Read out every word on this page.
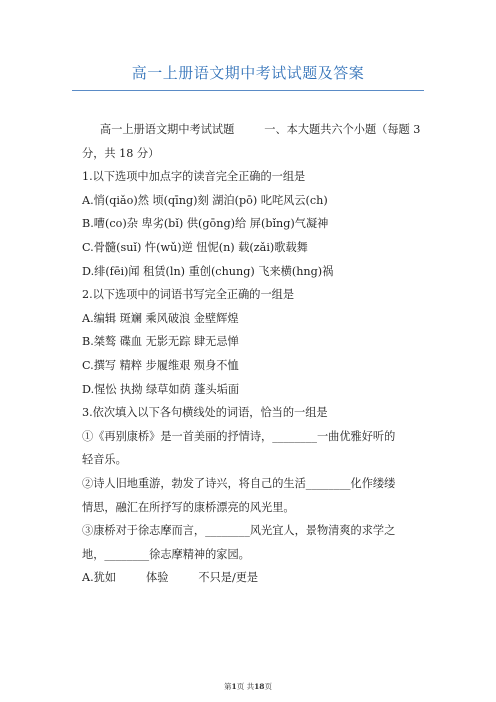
高一上册语文期中考试试题及答案

高一上册语文期中考试试题	一、本大题共六个小题（每题 3

分，共 18 分）

1.以下选项中加点字的读音完全正确的一组是

A.悄(qiǎo)然 顷(qīng)刻 湖泊(pō) 叱咤风云(ch)

B.嘈(co)杂 卑劣(bǐ) 供(gōng)给 屏(bǐng)气凝神

C.骨髓(suǐ) 忤(wǔ)逆 忸怩(n) 载(zǎi)歌载舞

D.绯(fēi)闻 租赁(ln) 重创(chung) 飞来横(hng)祸

2.以下选项中的词语书写完全正确的一组是

A.编辑 斑斓 乘风破浪 金壁辉煌

B.桀骜 碟血 无影无踪 肆无忌惮

C.撰写 精粹 步履维艰 殒身不恤

D.惺忪 执拗 绿草如荫 蓬头垢面

3.依次填入以下各句横线处的词语，恰当的一组是

①《再别康桥》是一首美丽的抒情诗，________一曲优雅好听的

轻音乐。

②诗人旧地重游，勃发了诗兴，将自己的生活________化作缕缕

情思，融汇在所抒写的康桥漂亮的风光里。

③康桥对于徐志摩而言，________风光宜人，景物清爽的求学之

地，________徐志摩精神的家园。

A.犹如	体验	不只是/更是

第1页 共18页
